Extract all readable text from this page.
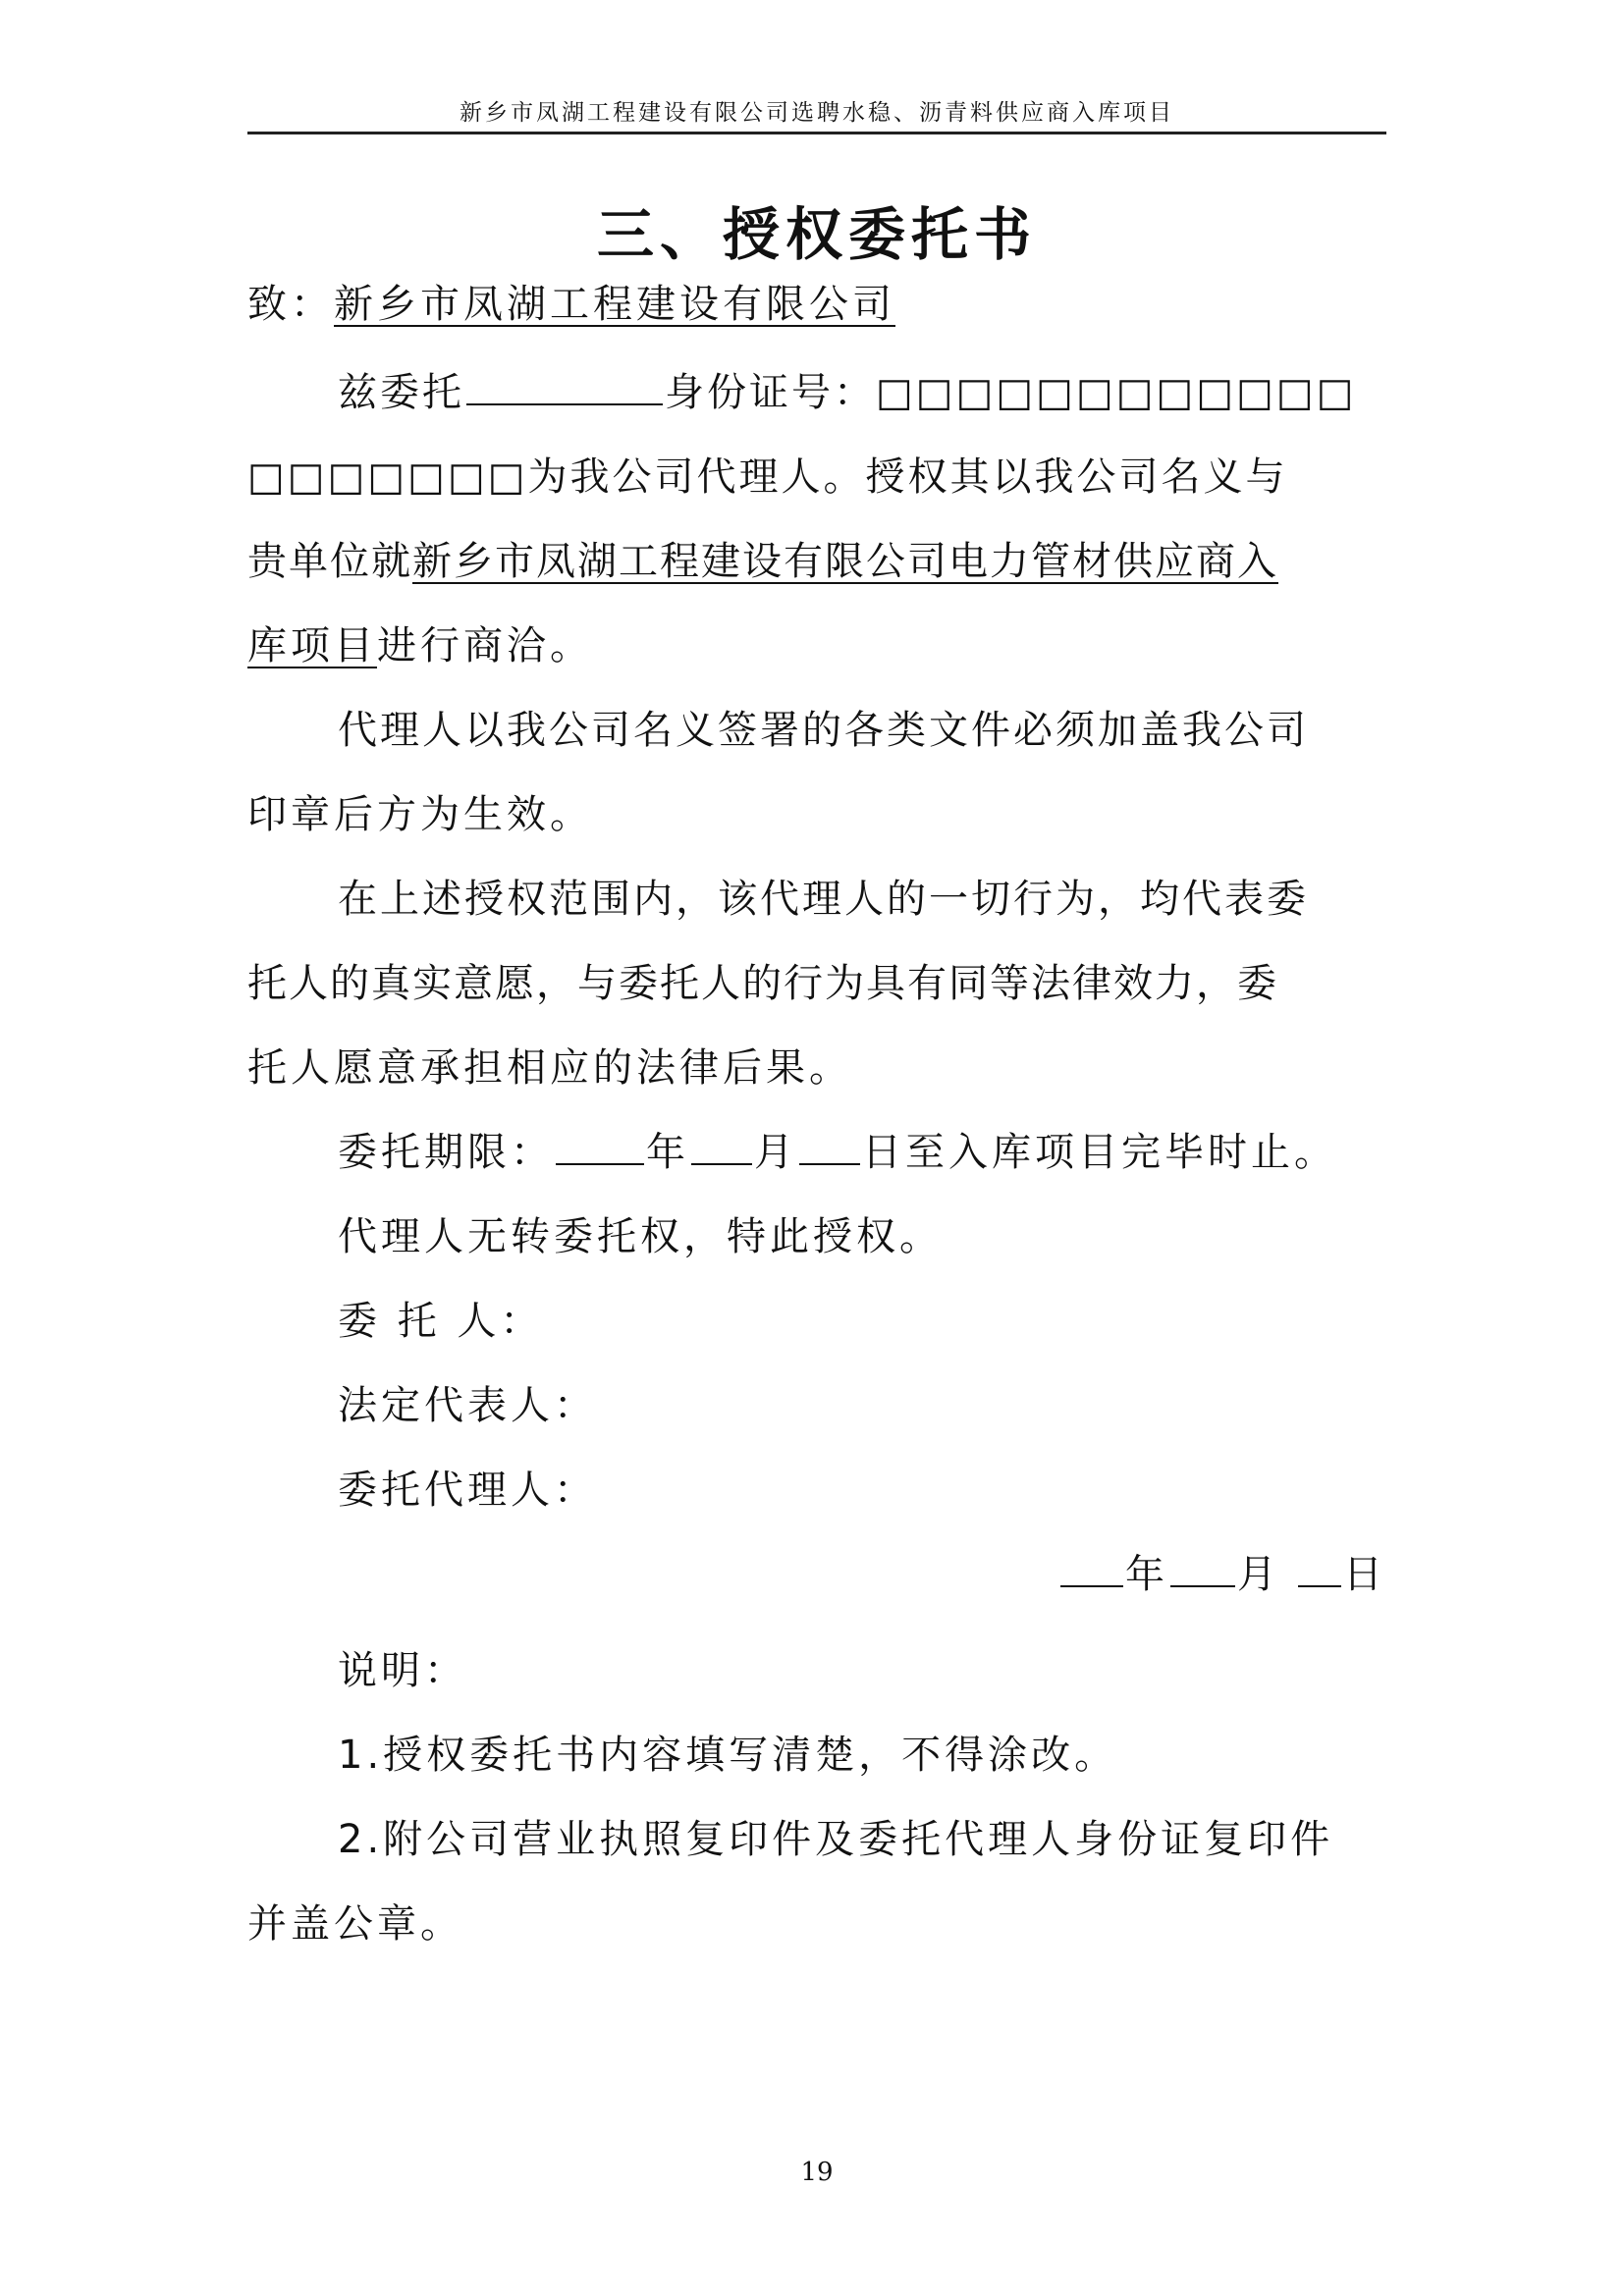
新乡市凤湖工程建设有限公司选聘水稳、沥青料供应商入库项目
三、授权委托书
致：新乡市凤湖工程建设有限公司
兹委托	身份证号：□□□□□□□□□□□□
□□□□□□□为我公司代理人。授权其以我公司名义与
贵单位就新乡市凤湖工程建设有限公司电力管材供应商入
库项目进行商洽。
代理人以我公司名义签署的各类文件必须加盖我公司
印章后方为生效。
在上述授权范围内，该代理人的一切行为，均代表委
托人的真实意愿，与委托人的行为具有同等法律效力，委
托人愿意承担相应的法律后果。
委托期限： 年 月 日至入库项目完毕时止。
代理人无转委托权，特此授权。
委 托 人：
法定代表人：
委托代理人：
年 月 日
说明：
1.授权委托书内容填写清楚，不得涂改。
2.附公司营业执照复印件及委托代理人身份证复印件
并盖公章。
19
